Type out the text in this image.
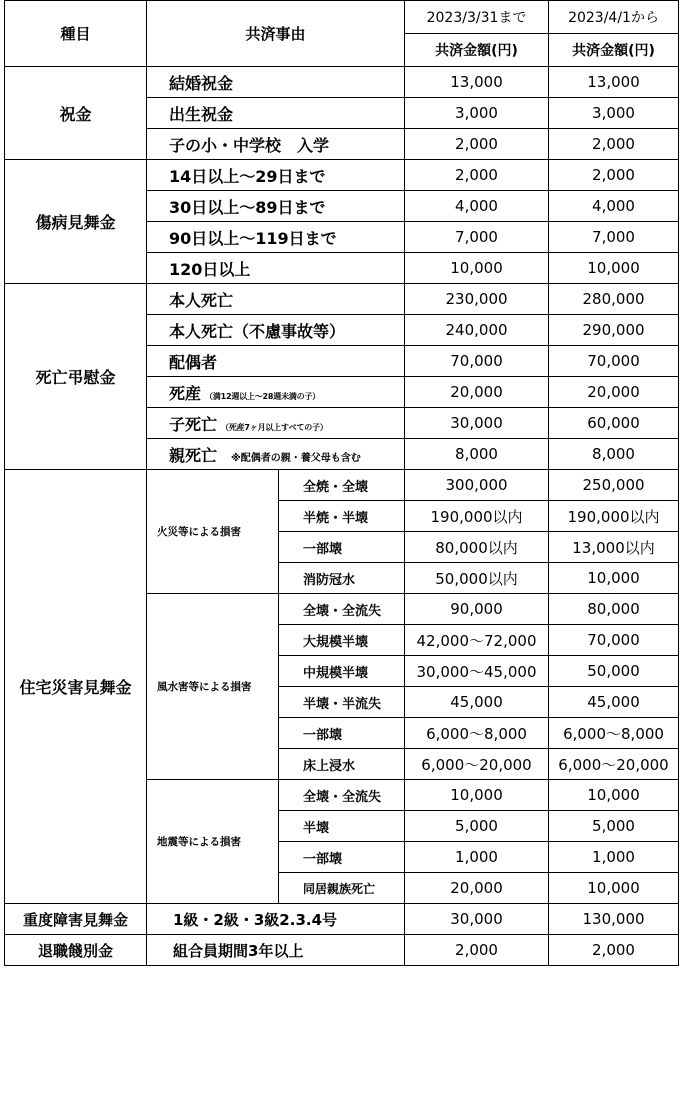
種目	共済事由		2023/3/31まで	2023/4/1から
			共済金額(円)	共済金額(円)
祝金	結婚祝金		13,000	13,000
	出生祝金		3,000	3,000
	子の小・中学校　入学		2,000	2,000
傷病見舞金	14日以上～29日まで		2,000	2,000
	30日以上～89日まで		4,000	4,000
	90日以上～119日まで		7,000	7,000
	120日以上		10,000	10,000
死亡弔慰金	本人死亡		230,000	280,000
	本人死亡（不慮事故等）		240,000	290,000
	配偶者		70,000	70,000
	死産 （満12週以上～28週未満の子）		20,000	20,000
	子死亡 （死産7ヶ月以上すべての子）		30,000	60,000
	親死亡 ※配偶者の親・養父母も含む		8,000	8,000
住宅災害見舞金	火災等による損害	全焼・全壊	300,000	250,000
		半焼・半壊	190,000以内	190,000以内
		一部壊	80,000以内	13,000以内
		消防冠水	50,000以内	10,000
	風水害等による損害	全壊・全流失	90,000	80,000
		大規模半壊	42,000～72,000	70,000
		中規模半壊	30,000～45,000	50,000
		半壊・半流失	45,000	45,000
		一部壊	6,000～8,000	6,000～8,000
		床上浸水	6,000～20,000	6,000～20,000
	地震等による損害	全壊・全流失	10,000	10,000
		半壊	5,000	5,000
		一部壊	1,000	1,000
		同居親族死亡	20,000	10,000
重度障害見舞金	1級・2級・3級2.3.4号		30,000	130,000
退職餞別金	組合員期間3年以上		2,000	2,000
